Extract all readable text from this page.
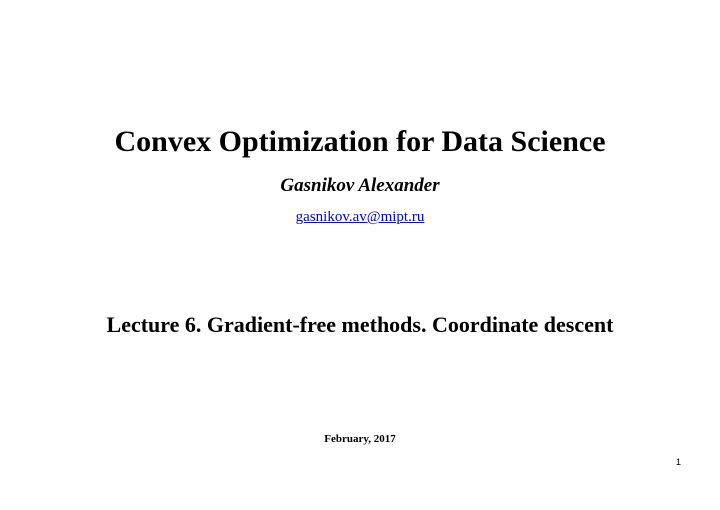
Convex Optimization for Data Science
Gasnikov Alexander
gasnikov.av@mipt.ru
Lecture 6. Gradient-free methods. Coordinate descent
February, 2017
1
